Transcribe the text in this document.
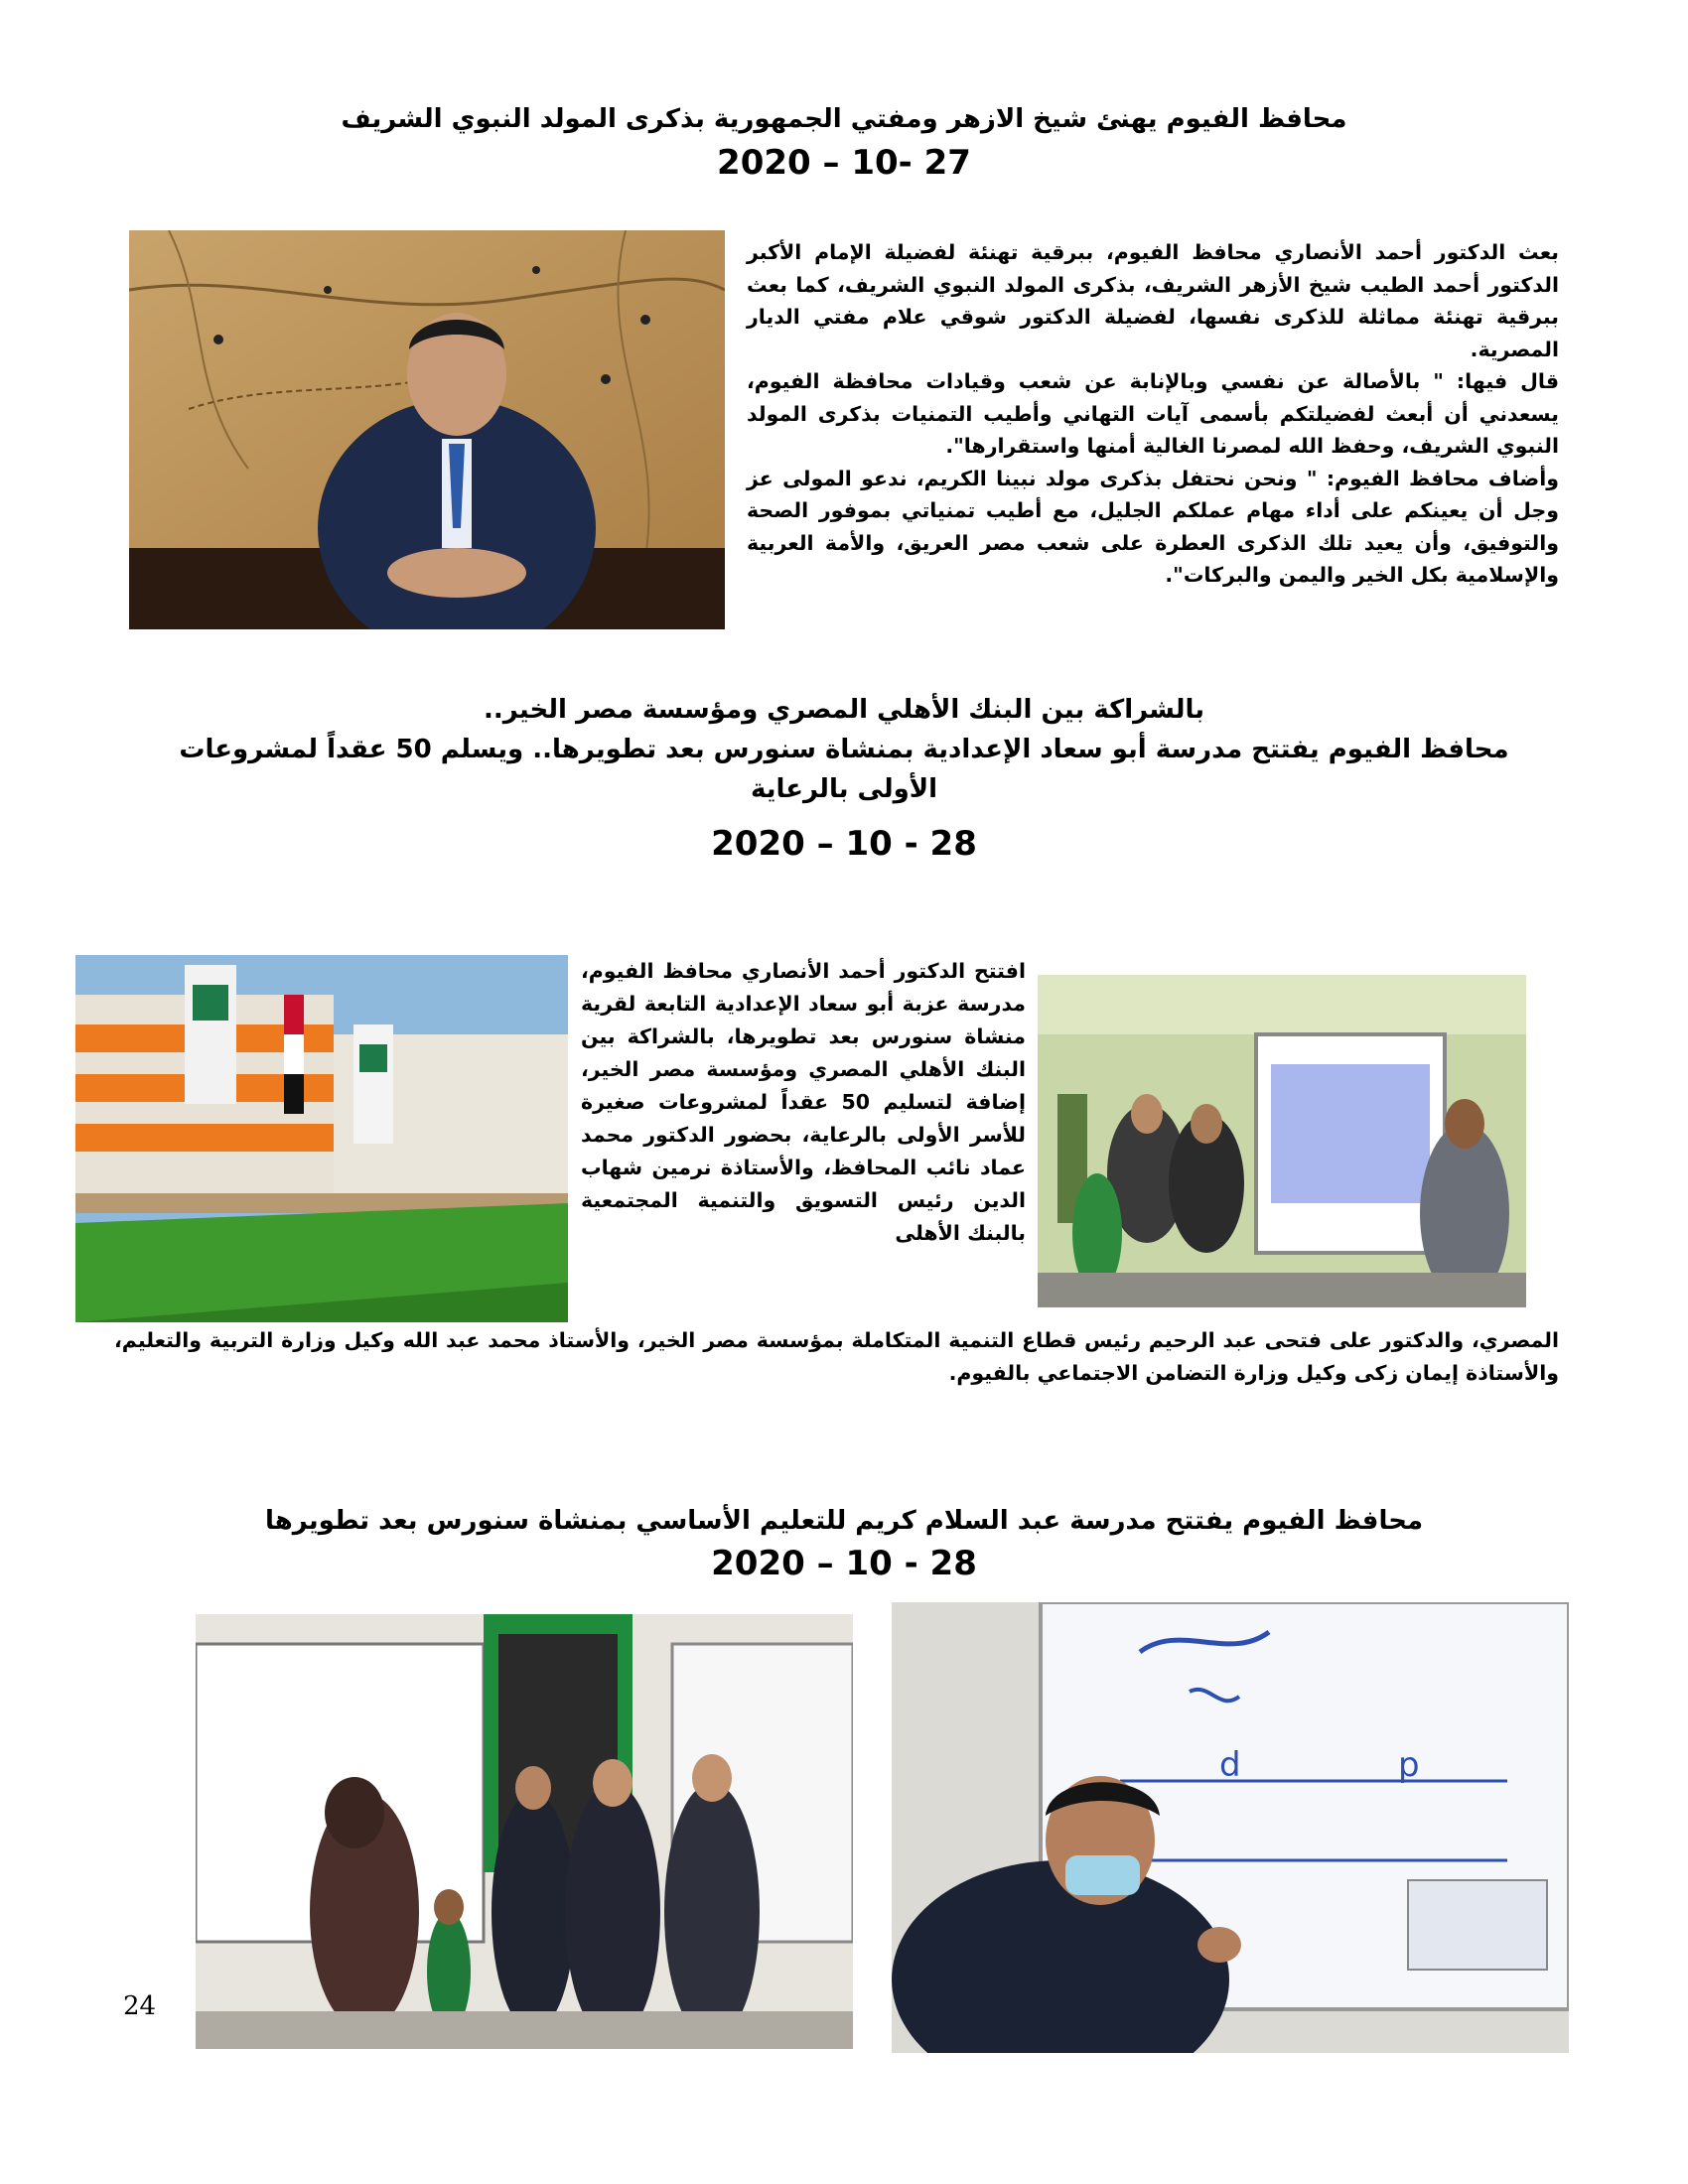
محافظ الفيوم يهنئ شيخ الازهر ومفتي الجمهورية بذكرى المولد النبوي الشريف
2020 – 10- 27
بعث الدكتور أحمد الأنصاري محافظ الفيوم، ببرقية تهنئة لفضيلة الإمام الأكبر الدكتور أحمد الطيب شيخ الأزهر الشريف، بذكرى المولد النبوي الشريف، كما بعث ببرقية تهنئة مماثلة للذكرى نفسها، لفضيلة الدكتور شوقي علام مفتي الديار المصرية.
قال فيها: " بالأصالة عن نفسي وبالإنابة عن شعب وقيادات محافظة الفيوم، يسعدني أن أبعث لفضيلتكم بأسمى آيات التهاني وأطيب التمنيات بذكرى المولد النبوي الشريف، وحفظ الله لمصرنا الغالية أمنها واستقرارها".
وأضاف محافظ الفيوم: " ونحن نحتفل بذكرى مولد نبينا الكريم، ندعو المولى عز وجل أن يعينكم على أداء مهام عملكم الجليل، مع أطيب تمنياتي بموفور الصحة والتوفيق، وأن يعيد تلك الذكرى العطرة على شعب مصر العريق، والأمة العربية والإسلامية بكل الخير واليمن والبركات".
بالشراكة بين البنك الأهلي المصري ومؤسسة مصر الخير..
محافظ الفيوم يفتتح مدرسة أبو سعاد الإعدادية بمنشاة سنورس بعد تطويرها.. ويسلم 50 عقداً لمشروعات الأولى بالرعاية
2020 – 10 - 28
افتتح الدكتور أحمد الأنصاري محافظ الفيوم، مدرسة عزبة أبو سعاد الإعدادية التابعة لقرية منشاة سنورس بعد تطويرها، بالشراكة بين البنك الأهلي المصري ومؤسسة مصر الخير، إضافة لتسليم 50 عقداً لمشروعات صغيرة للأسر الأولى بالرعاية، بحضور الدكتور محمد عماد نائب المحافظ، والأستاذة نرمين شهاب الدين رئيس التسويق والتنمية المجتمعية بالبنك الأهلى
المصري، والدكتور على فتحى عبد الرحيم رئيس قطاع التنمية المتكاملة بمؤسسة مصر الخير، والأستاذ محمد عبد الله وكيل وزارة التربية والتعليم، والأستاذة إيمان زكى وكيل وزارة التضامن الاجتماعي بالفيوم.
محافظ الفيوم يفتتح مدرسة عبد السلام كريم للتعليم الأساسي بمنشاة سنورس بعد تطويرها
2020 – 10 - 28
d	p
24
